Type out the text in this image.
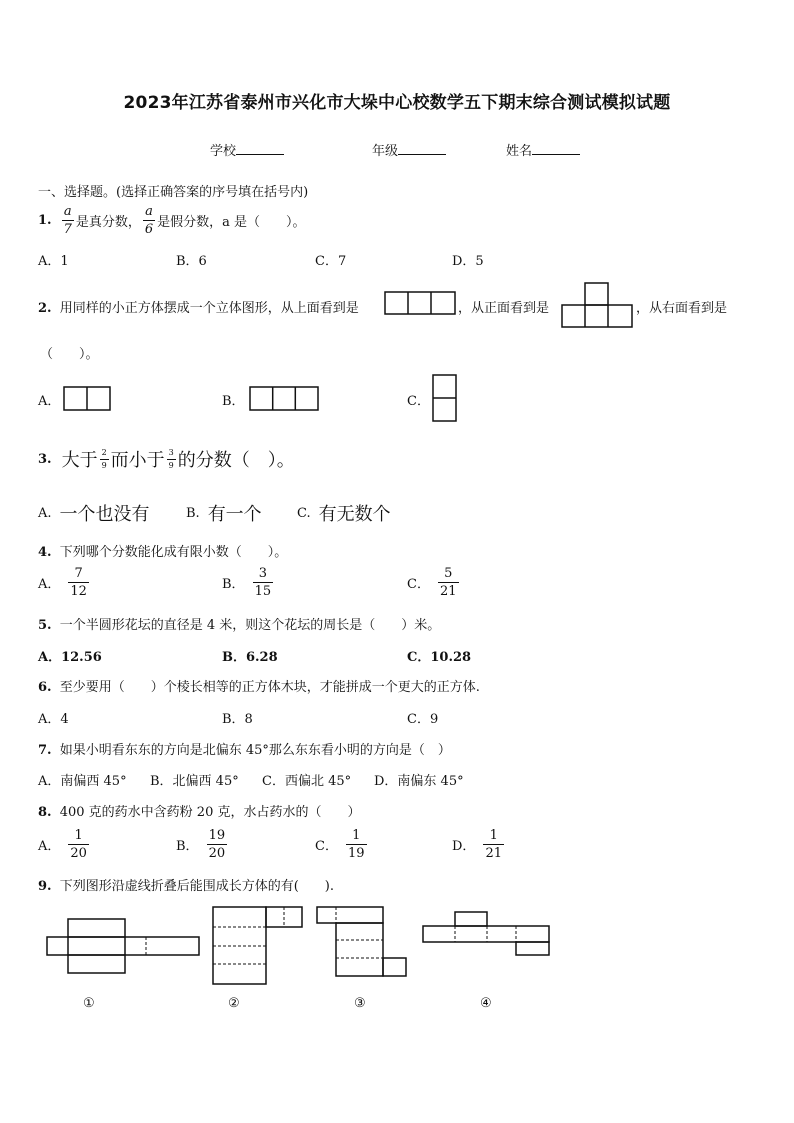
2023年江苏省泰州市兴化市大垛中心校数学五下期末综合测试模拟试题
学校	年级	姓名
一、选择题。(选择正确答案的序号填在括号内)
1. $\frac{a}{7}$ 是真分数， $\frac{a}{6}$ 是假分数，a 是（　　）。
A．1	B．6	C．7	D．5
2. 用同样的小正方体摆成一个立体图形，从上面看到是	，从正面看到是	，从右面看到是
（　　）。
A．	B．	C．
3. 大于 $\frac{2}{9}$ 而小于 $\frac{3}{9}$ 的分数（　）。
A. 一个也没有	B. 有一个	C. 有无数个
4. 下列哪个分数能化成有限小数（　　）。
A． $\frac{7}{12}$	B． $\frac{3}{15}$	C． $\frac{5}{21}$
5. 一个半圆形花坛的直径是 4 米，则这个花坛的周长是（　　）米。
A．12.56	B．6.28	C．10.28
6. 至少要用（　　）个棱长相等的正方体木块，才能拼成一个更大的正方体.
A．4	B．8	C．9
7. 如果小明看东东的方向是北偏东 45°那么东东看小明的方向是（　）
A．南偏西 45° B．北偏西 45° C．西偏北 45° D．南偏东 45°
8. 400 克的药水中含药粉 20 克，水占药水的（　　）
A． $\frac{1}{20}$	B． $\frac{19}{20}$	C． $\frac{1}{19}$	D． $\frac{1}{21}$
9. 下列图形沿虚线折叠后能围成长方体的有(　　).
①	②	③	④
